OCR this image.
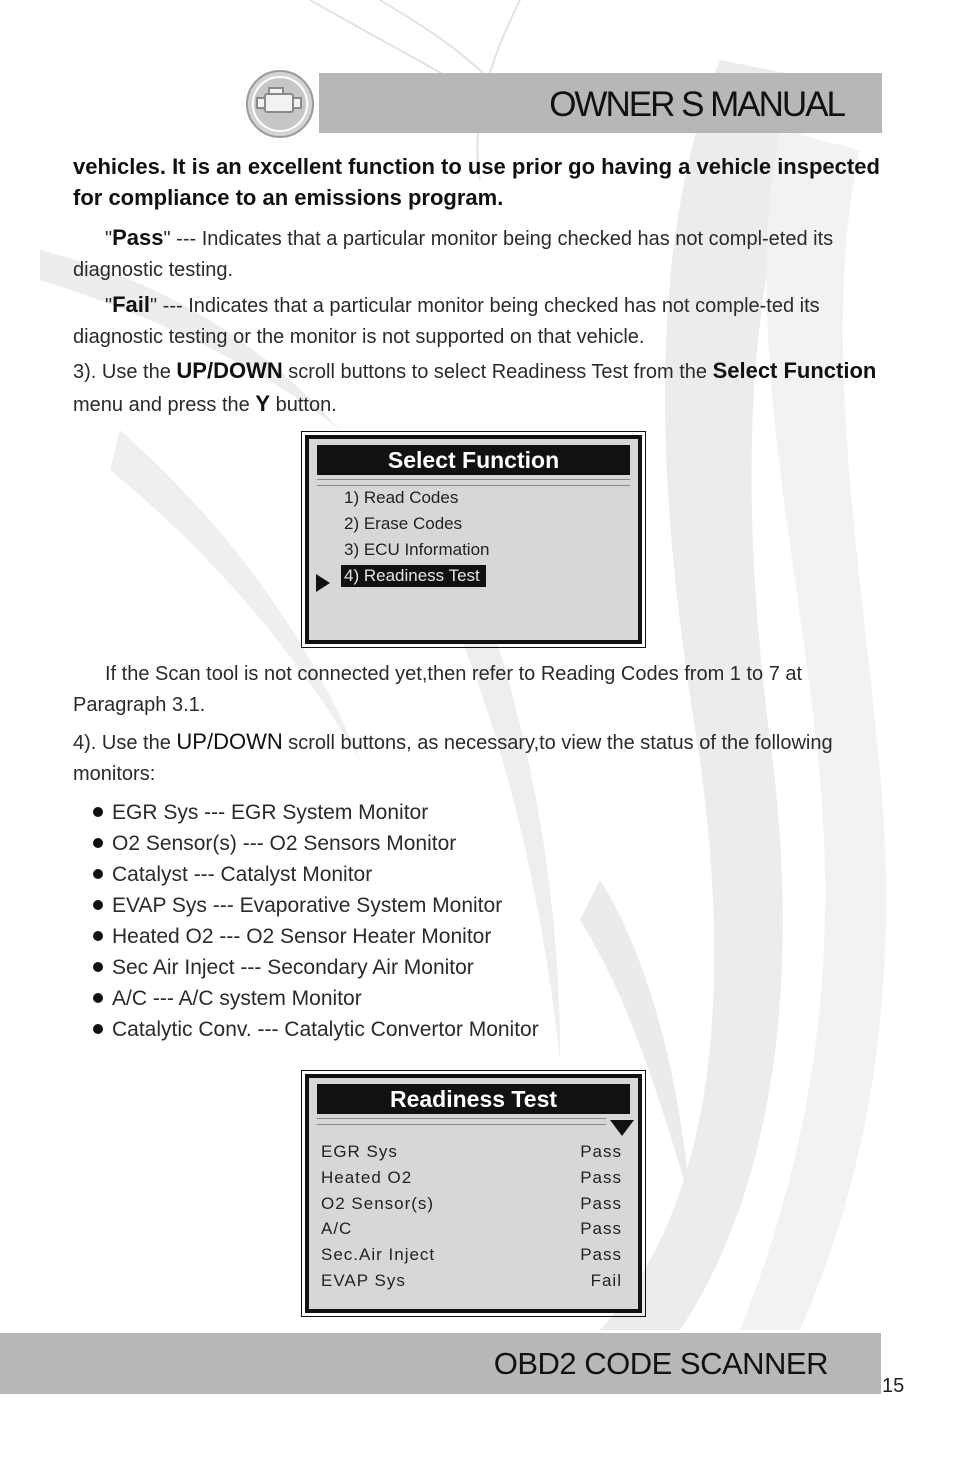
OWNER S MANUAL
vehicles. It is an excellent function to use prior go having a vehicle inspected for compliance to an emissions program.
"Pass" --- Indicates that a particular monitor being checked has not compl-eted its diagnostic testing.
"Fail" --- Indicates that a particular monitor being checked has not comple-ted its diagnostic testing or the monitor is not supported on that vehicle.
3). Use the UP/DOWN scroll buttons to select Readiness Test from the Select Function menu and press the Y button.
Select Function
1) Read Codes
2) Erase Codes
3) ECU Information
4) Readiness Test
If the Scan tool is not connected yet,then refer to Reading Codes from 1 to 7 at Paragraph 3.1.
4). Use the UP/DOWN scroll buttons, as necessary,to view the status of the following monitors:
EGR Sys --- EGR System Monitor
O2 Sensor(s) --- O2 Sensors Monitor
Catalyst --- Catalyst Monitor
EVAP Sys --- Evaporative System Monitor
Heated O2 --- O2 Sensor Heater Monitor
Sec Air Inject --- Secondary Air Monitor
A/C --- A/C system Monitor
Catalytic Conv. --- Catalytic Convertor Monitor
Readiness Test
EGR Sys	Pass
Heated O2	Pass
O2 Sensor(s)	Pass
A/C	Pass
Sec.Air Inject	Pass
EVAP Sys	Fail
OBD2 CODE SCANNER
15
